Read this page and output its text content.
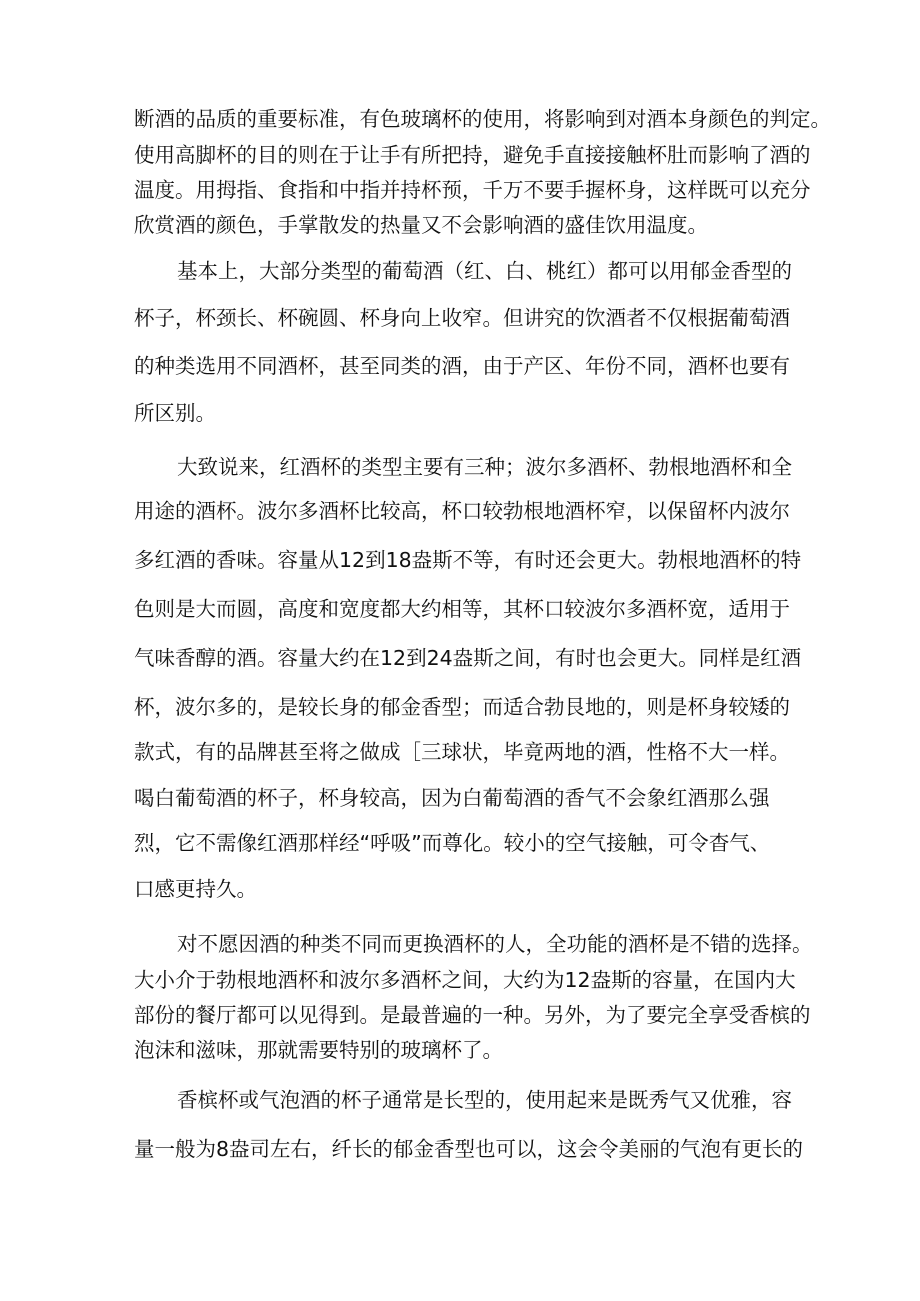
断酒的品质的重要标准，有色玻璃杯的使用，将影响到对酒本身颜色的判定。
使用高脚杯的目的则在于让手有所把持，避免手直接接触杯肚而影响了酒的
温度。用拇指、食指和中指并持杯预，千万不要手握杯身，这样既可以充分
欣赏酒的颜色，手掌散发的热量又不会影响酒的盛佳饮用温度。
基本上，大部分类型的葡萄酒（红、白、桃红）都可以用郁金香型的
杯子，杯颈长、杯碗圆、杯身向上收窄。但讲究的饮酒者不仅根据葡萄酒
的种类选用不同酒杯，甚至同类的酒，由于产区、年份不同，酒杯也要有
所区别。
大致说来，红酒杯的类型主要有三种；波尔多酒杯、勃根地酒杯和全
用途的酒杯。波尔多酒杯比较高，杯口较勃根地酒杯窄，以保留杯内波尔
多红酒的香味。容量从12到18盎斯不等，有时还会更大。勃根地酒杯的特
色则是大而圆，高度和宽度都大约相等，其杯口较波尔多酒杯宽，适用于
气味香醇的酒。容量大约在12到24盎斯之间，有时也会更大。同样是红酒
杯，波尔多的，是较长身的郁金香型；而适合勃艮地的，则是杯身较矮的
款式，有的品牌甚至将之做成［三球状，毕竟两地的酒，性格不大一样。
喝白葡萄酒的杯子，杯身较高，因为白葡萄酒的香气不会象红酒那么强
烈，它不需像红酒那样经“呼吸”而尊化。较小的空气接触，可令杳气、
口感更持久。
对不愿因酒的种类不同而更换酒杯的人，全功能的酒杯是不错的选择。
大小介于勃根地酒杯和波尔多酒杯之间，大约为12盎斯的容量，在国内大
部份的餐厅都可以见得到。是最普遍的一种。另外，为了要完全享受香槟的
泡沫和滋味，那就需要特别的玻璃杯了。
香槟杯或气泡酒的杯子通常是长型的，使用起来是既秀气又优雅，容
量一般为8盎司左右，纤长的郁金香型也可以，这会令美丽的气泡有更长的
